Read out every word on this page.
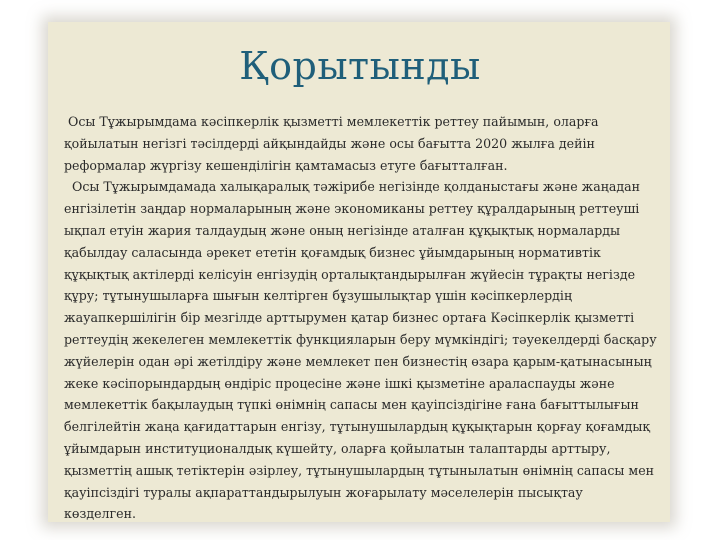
Қорытынды

Осы Тұжырымдама кәсіпкерлік қызметті мемлекеттік реттеу пайымын, оларға қойылатын негізгі тәсілдерді айқындайды және осы бағытта 2020 жылға дейін реформалар жүргізу кешенділігін қамтамасыз етуге бағытталған.

Осы Тұжырымдамада халықаралық тәжірибе негізінде қолданыстағы және жаңадан енгізілетін заңдар нормаларының және экономиканы реттеу құралдарының реттеуші ықпал етуін жария талдаудың және оның негізінде аталған құқықтық нормаларды қабылдау саласында әрекет ететін қоғамдық бизнес ұйымдарының нормативтік құқықтық актілерді келісуін енгізудің орталықтандырылған жүйесін тұрақты негізде құру; тұтынушыларға шығын келтірген бұзушылықтар үшін кәсіпкерлердің жауапкершілігін бір мезгілде арттырумен қатар бизнес ортаға Кәсіпкерлік қызметті реттеудің жекелеген мемлекеттік функцияларын беру мүмкіндігі; тәуекелдерді басқару жүйелерін одан әрі жетілдіру және мемлекет пен бизнестің өзара қарым-қатынасының жеке кәсіпорындардың өндіріс процесіне және ішкі қызметіне араласпауды және мемлекеттік бақылаудың түпкі өнімнің сапасы мен қауіпсіздігіне ғана бағыттылығын белгілейтін жаңа қағидаттарын енгізу, тұтынушылардың құқықтарын қорғау қоғамдық ұйымдарын институционалдық күшейту, оларға қойылатын талаптарды арттыру, қызметтің ашық тетіктерін әзірлеу, тұтынушылардың тұтынылатын өнімнің сапасы мен қауіпсіздігі туралы ақпараттандырылуын жоғарылату мәселелерін пысықтау көзделген.
